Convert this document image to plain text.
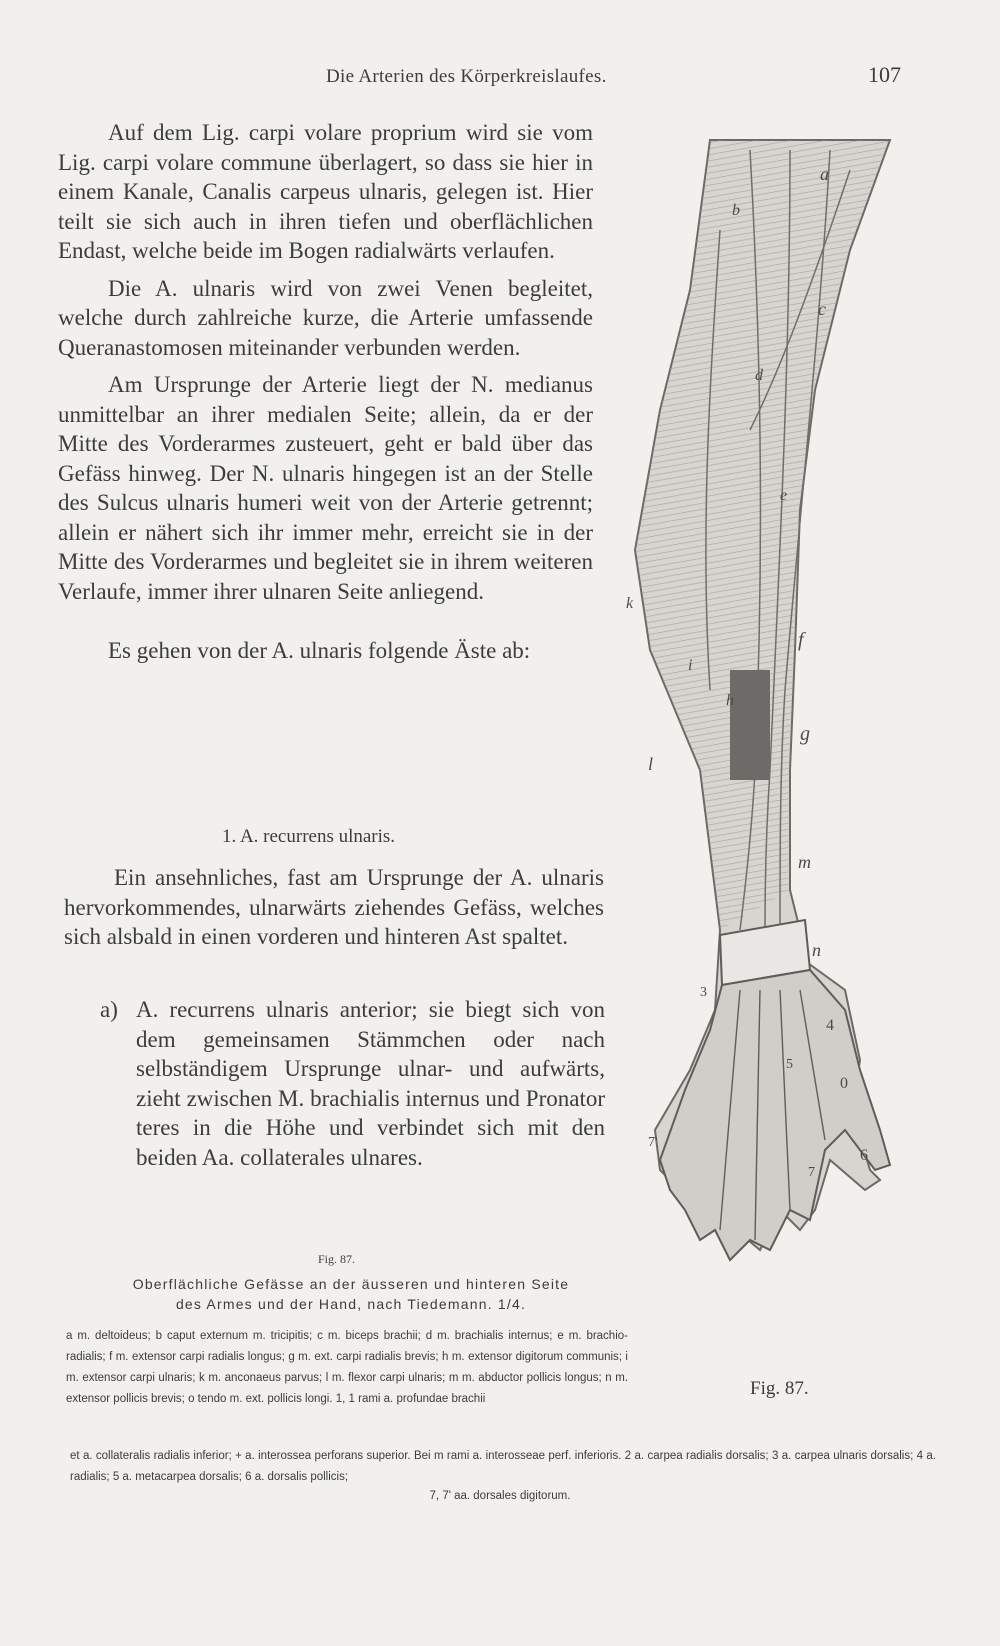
Die Arterien des Körperkreislaufes.	107

Auf dem Lig. carpi volare proprium wird sie vom Lig. carpi volare commune überlagert, so dass sie hier in einem Kanale, Canalis carpeus ulnaris, gelegen ist. Hier teilt sie sich auch in ihren tiefen und oberflächlichen Endast, welche beide im Bogen radialwärts verlaufen.

Die A. ulnaris wird von zwei Venen begleitet, welche durch zahlreiche kurze, die Arterie umfassende Queranastomosen miteinander verbunden werden.

Am Ursprunge der Arterie liegt der N. medianus unmittelbar an ihrer medialen Seite; allein, da er der Mitte des Vorderarmes zusteuert, geht er bald über das Gefäss hinweg. Der N. ulnaris hingegen ist an der Stelle des Sulcus ulnaris humeri weit von der Arterie getrennt; allein er nähert sich ihr immer mehr, erreicht sie in der Mitte des Vorderarmes und begleitet sie in ihrem weiteren Verlaufe, immer ihrer ulnaren Seite anliegend.

Es gehen von der A. ulnaris folgende Äste ab:

1. A. recurrens ulnaris.

Ein ansehnliches, fast am Ursprunge der A. ulnaris hervorkommendes, ulnarwärts ziehendes Gefäss, welches sich alsbald in einen vorderen und hinteren Ast spaltet.

a) A. recurrens ulnaris anterior; sie biegt sich von dem gemeinsamen Stämmchen oder nach selbständigem Ursprunge ulnar- und aufwärts, zieht zwischen M. brachialis internus und Pronator teres in die Höhe und verbindet sich mit den beiden Aa. collaterales ulnares.
a
b
c
d
e
k
f
i
h
g
l
m
n
3
4
5
0
6
7'
7
Fig. 87.
Oberflächliche Gefässe an der äusseren und hinteren Seite
des Armes und der Hand, nach Tiedemann. 1/4.
a m. deltoideus; b caput externum m. tricipitis; c m. biceps brachii; d m. brachialis internus; e m. brachio-radialis; f m. extensor carpi radialis longus; g m. ext. carpi radialis brevis; h m. extensor digitorum communis; i m. extensor carpi ulnaris; k m. anconaeus parvus; l m. flexor carpi ulnaris; m m. abductor pollicis longus; n m. extensor pollicis brevis; o tendo m. ext. pollicis longi. 1, 1 rami a. profundae brachii
et a. collateralis radialis inferior; + a. interossea perforans superior. Bei m rami a. interosseae perf. inferioris. 2 a. carpea radialis dorsalis; 3 a. carpea ulnaris dorsalis; 4 a. radialis; 5 a. metacarpea dorsalis; 6 a. dorsalis pollicis;
7, 7' aa. dorsales digitorum.
Fig. 87.
